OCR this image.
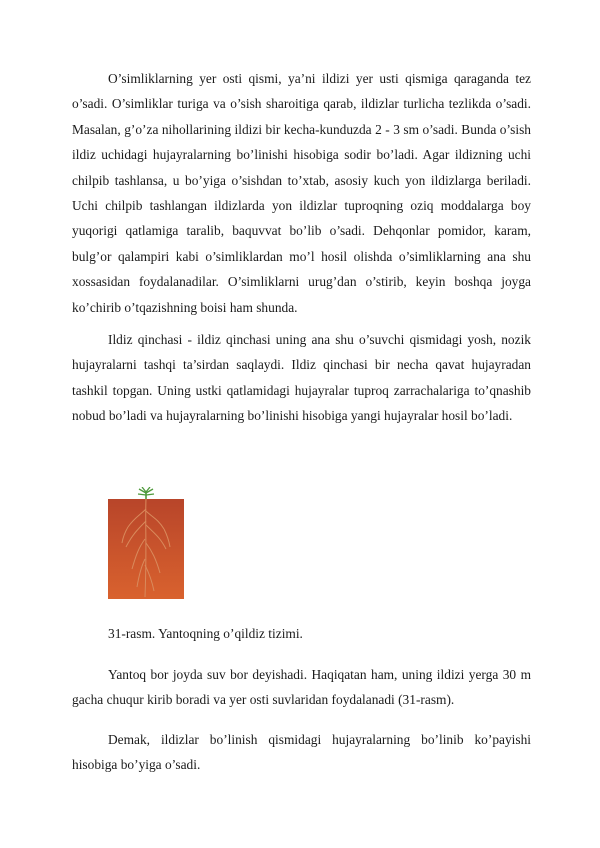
O’simliklarning yer osti qismi, ya’ni ildizi yer usti qismiga qaraganda tez o’sadi. O’simliklar turiga va o’sish sharoitiga qarab, ildizlar turlicha tezlikda o’sadi. Masalan, g’o’za nihollarining ildizi bir kecha-kunduzda 2 - 3 sm o’sadi. Bunda o’sish ildiz uchidagi hujayralarning bo’linishi hisobiga sodir bo’ladi. Agar ildizning uchi chilpib tashlansa, u bo’yiga o’sishdan to’xtab, asosiy kuch yon ildizlarga beriladi. Uchi chilpib tashlangan ildizlarda yon ildizlar tuproqning oziq moddalarga boy yuqorigi qatlamiga taralib, baquvvat bo’lib o’sadi. Dehqonlar pomidor, karam, bulg’or qalampiri kabi o’simliklardan mo’l hosil olishda o’simliklarning ana shu xossasidan foydalanadilar. O’simliklarni urug’dan o’stirib, keyin boshqa joyga ko’chirib o’tqazishning boisi ham shunda.

Ildiz qinchasi - ildiz qinchasi uning ana shu o’suvchi qismidagi yosh, nozik hujayralarni tashqi ta’sirdan saqlaydi. Ildiz qinchasi bir necha qavat hujayradan tashkil topgan. Uning ustki qatlamidagi hujayralar tuproq zarrachalariga to’qnashib nobud bo’ladi va hujayralarning bo’linishi hisobiga yangi hujayralar hosil bo’ladi.

31-rasm. Yantoqning o’qildiz tizimi.

Yantoq bor joyda suv bor deyishadi. Haqiqatan ham, uning ildizi yerga 30 m gacha chuqur kirib boradi va yer osti suvlaridan foydalanadi (31-rasm).

Demak, ildizlar bo’linish qismidagi hujayralarning bo’linib ko’payishi hisobiga bo’yiga o’sadi.
